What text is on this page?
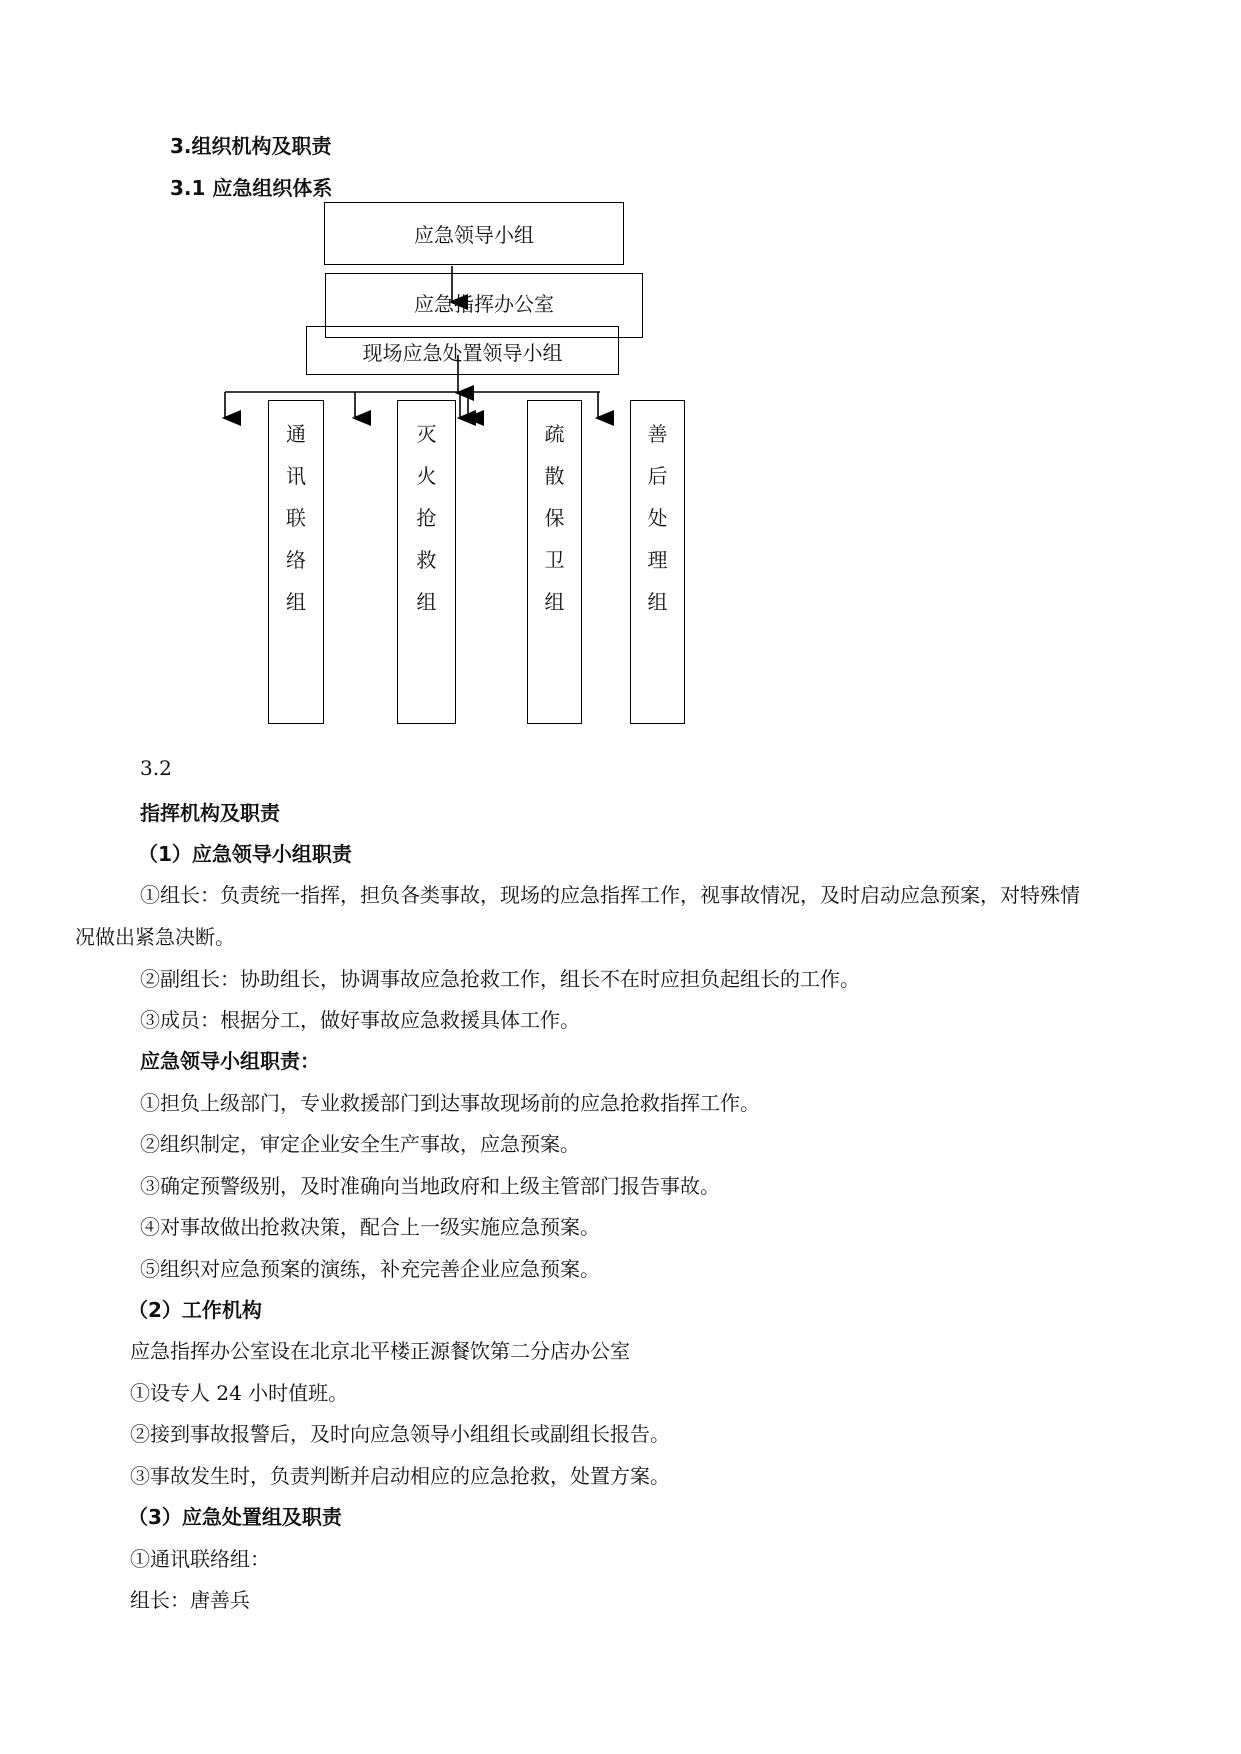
3.组织机构及职责
3.1 应急组织体系
应急领导小组
应急指挥办公室
现场应急处置领导小组
通
讯
联
络
组
灭
火
抢
救
组
疏
散
保
卫
组
善
后
处
理
组
3.2
指挥机构及职责
（1）应急领导小组职责
①组长：负责统一指挥，担负各类事故，现场的应急指挥工作，视事故情况，及时启动应急预案，对特殊情
况做出紧急决断。
②副组长：协助组长，协调事故应急抢救工作，组长不在时应担负起组长的工作。
③成员：根据分工，做好事故应急救援具体工作。
应急领导小组职责：
①担负上级部门，专业救援部门到达事故现场前的应急抢救指挥工作。
②组织制定，审定企业安全生产事故，应急预案。
③确定预警级别，及时准确向当地政府和上级主管部门报告事故。
④对事故做出抢救决策，配合上一级实施应急预案。
⑤组织对应急预案的演练，补充完善企业应急预案。
（2）工作机构
应急指挥办公室设在北京北平楼正源餐饮第二分店办公室
①设专人 24 小时值班。
②接到事故报警后，及时向应急领导小组组长或副组长报告。
③事故发生时，负责判断并启动相应的应急抢救，处置方案。
（3）应急处置组及职责
①通讯联络组：
组长：唐善兵
